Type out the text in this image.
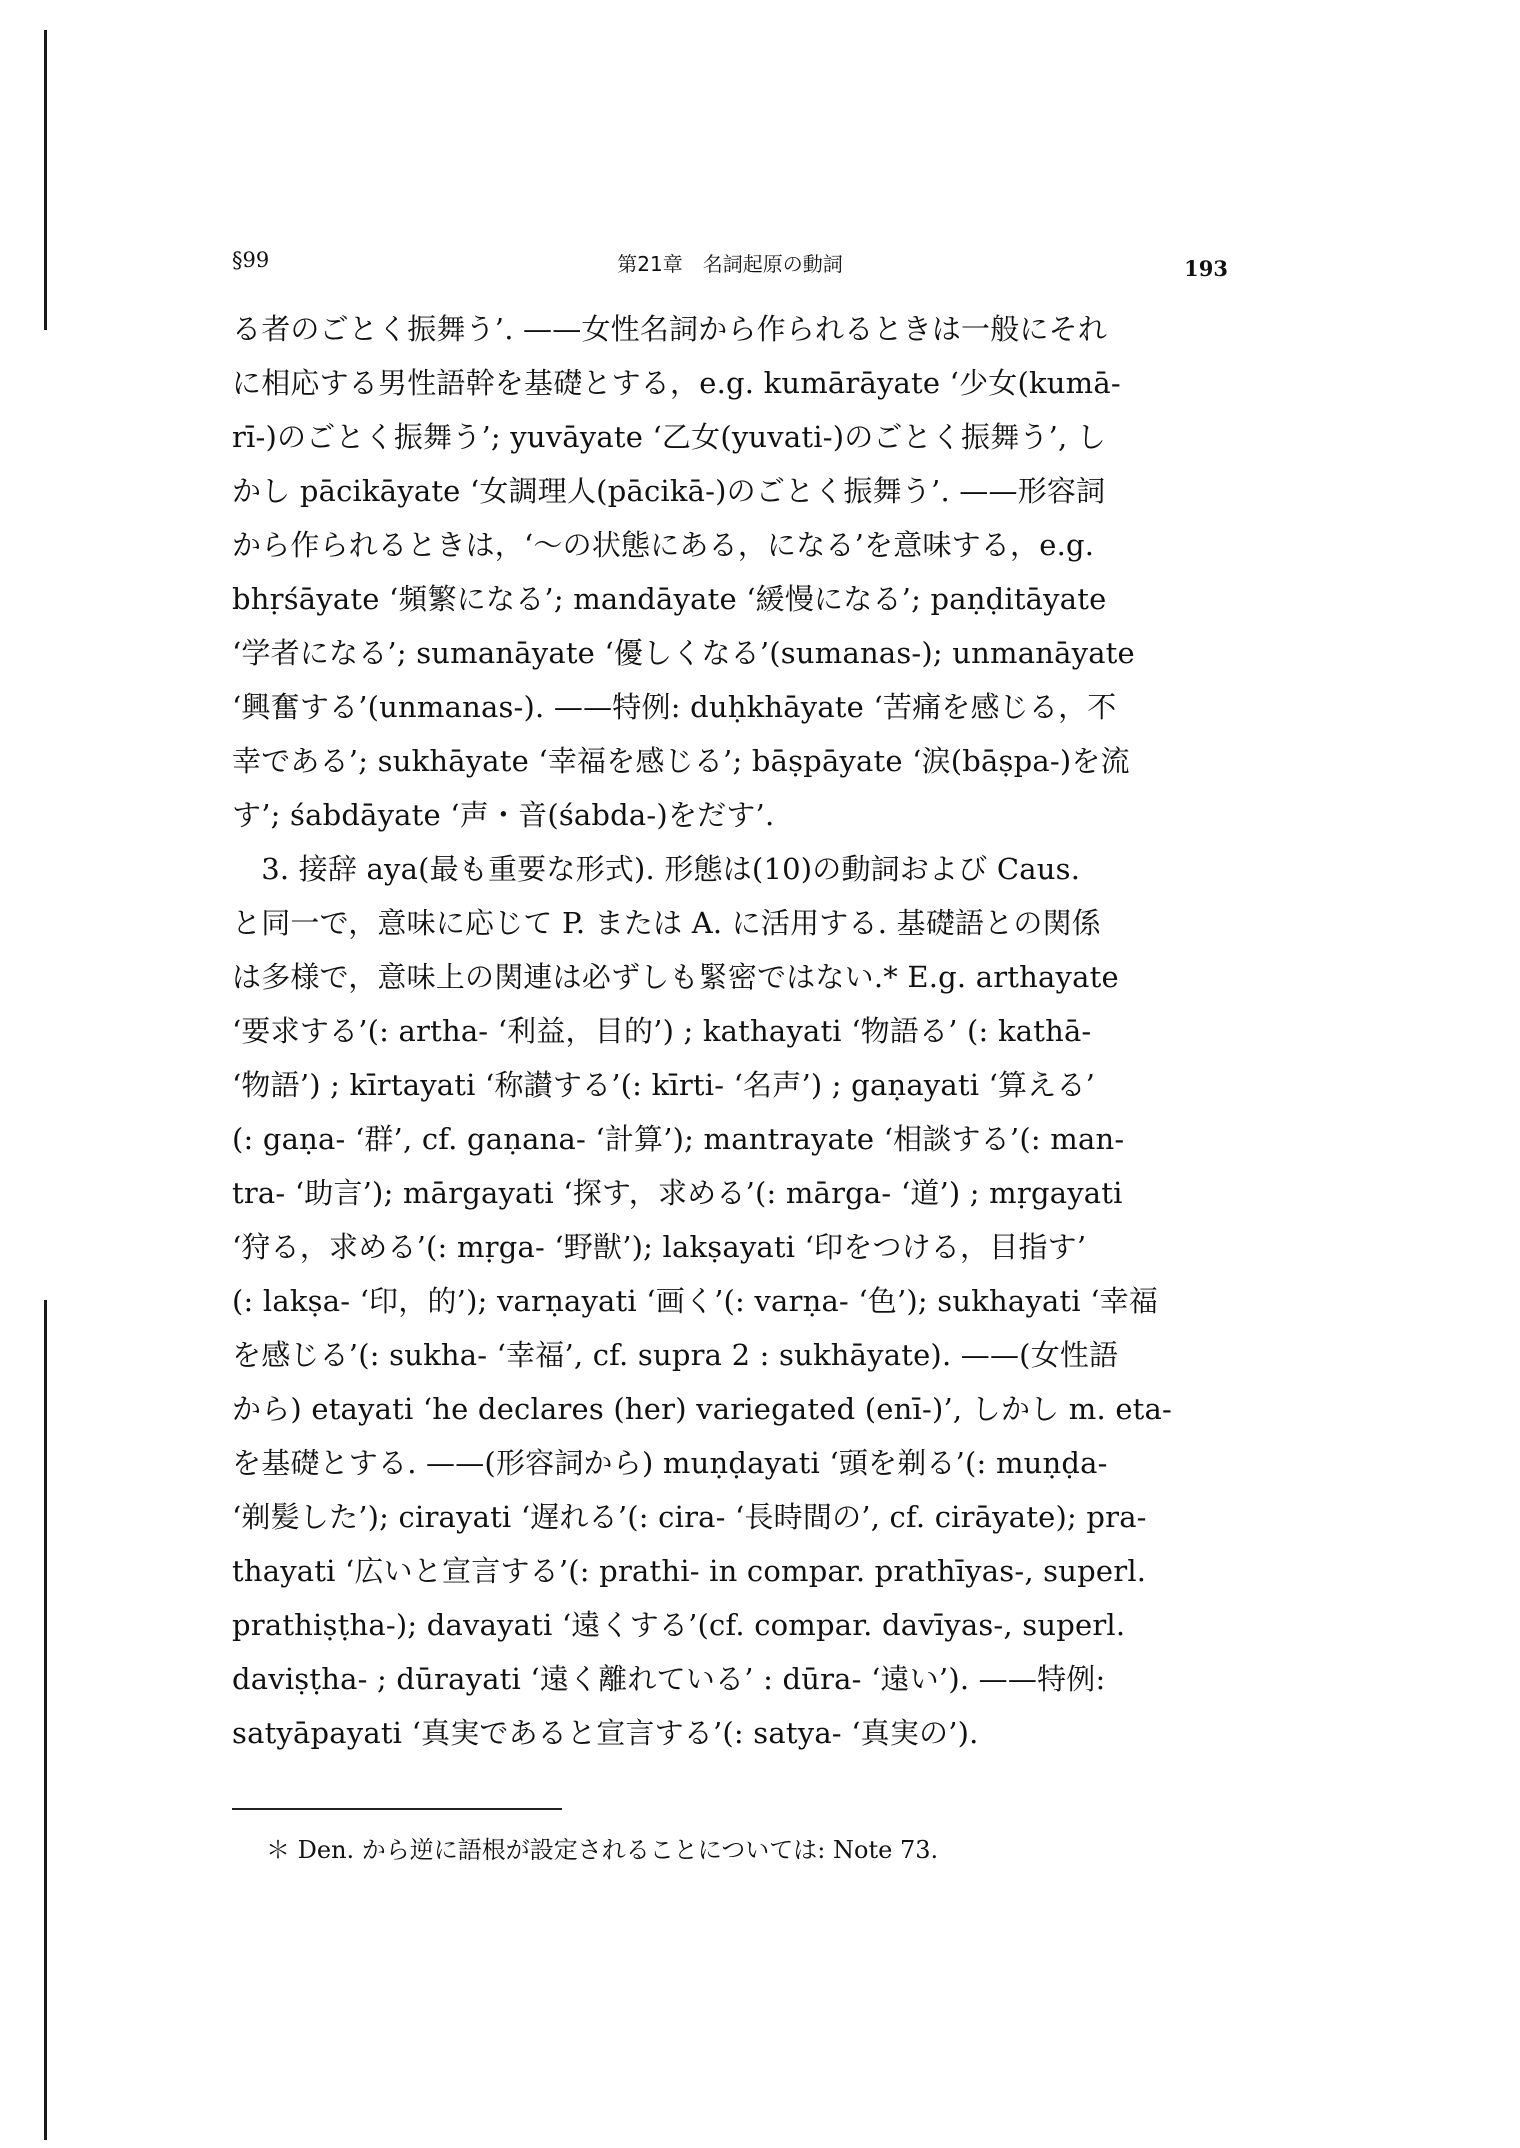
§99	第21章　名詞起原の動詞	193
る者のごとく振舞う’. ——女性名詞から作られるときは一般にそれ
に相応する男性語幹を基礎とする，e.g. kumārāyate ‘少女(kumā-
rī-)のごとく振舞う’; yuvāyate ‘乙女(yuvati-)のごとく振舞う’, し
かし pācikāyate ‘女調理人(pācikā-)のごとく振舞う’. ——形容詞
から作られるときは，‘～の状態にある，になる’を意味する，e.g.
bhṛśāyate ‘頻繁になる’; mandāyate ‘緩慢になる’; paṇḍitāyate
‘学者になる’; sumanāyate ‘優しくなる’(sumanas-); unmanāyate
‘興奮する’(unmanas-). ——特例: duḥkhāyate ‘苦痛を感じる，不
幸である’; sukhāyate ‘幸福を感じる’; bāṣpāyate ‘涙(bāṣpa-)を流
す’; śabdāyate ‘声・音(śabda-)をだす’.
　3. 接辞 aya(最も重要な形式). 形態は(10)の動詞および Caus.
と同一で，意味に応じて P. または A. に活用する. 基礎語との関係
は多様で，意味上の関連は必ずしも緊密ではない.* E.g. arthayate
‘要求する’(: artha- ‘利益，目的’) ; kathayati ‘物語る’ (: kathā-
‘物語’) ; kīrtayati ‘称讃する’(: kīrti- ‘名声’) ; gaṇayati ‘算える’
(: gaṇa- ‘群’, cf. gaṇana- ‘計算’); mantrayate ‘相談する’(: man-
tra- ‘助言’); mārgayati ‘探す，求める’(: mārga- ‘道’) ; mṛgayati
‘狩る，求める’(: mṛga- ‘野獣’); lakṣayati ‘印をつける，目指す’
(: lakṣa- ‘印，的’); varṇayati ‘画く’(: varṇa- ‘色’); sukhayati ‘幸福
を感じる’(: sukha- ‘幸福’, cf. supra 2 : sukhāyate). ——(女性語
から) etayati ‘he declares (her) variegated (enī-)’, しかし m. eta-
を基礎とする. ——(形容詞から) muṇḍayati ‘頭を剃る’(: muṇḍa-
‘剃髪した’); cirayati ‘遅れる’(: cira- ‘長時間の’, cf. cirāyate); pra-
thayati ‘広いと宣言する’(: prathi- in compar. prathīyas-, superl.
prathiṣṭha-); davayati ‘遠くする’(cf. compar. davīyas-, superl.
daviṣṭha- ; dūrayati ‘遠く離れている’ : dūra- ‘遠い’). ——特例:
satyāpayati ‘真実であると宣言する’(: satya- ‘真実の’).
＊ Den. から逆に語根が設定されることについては: Note 73.
